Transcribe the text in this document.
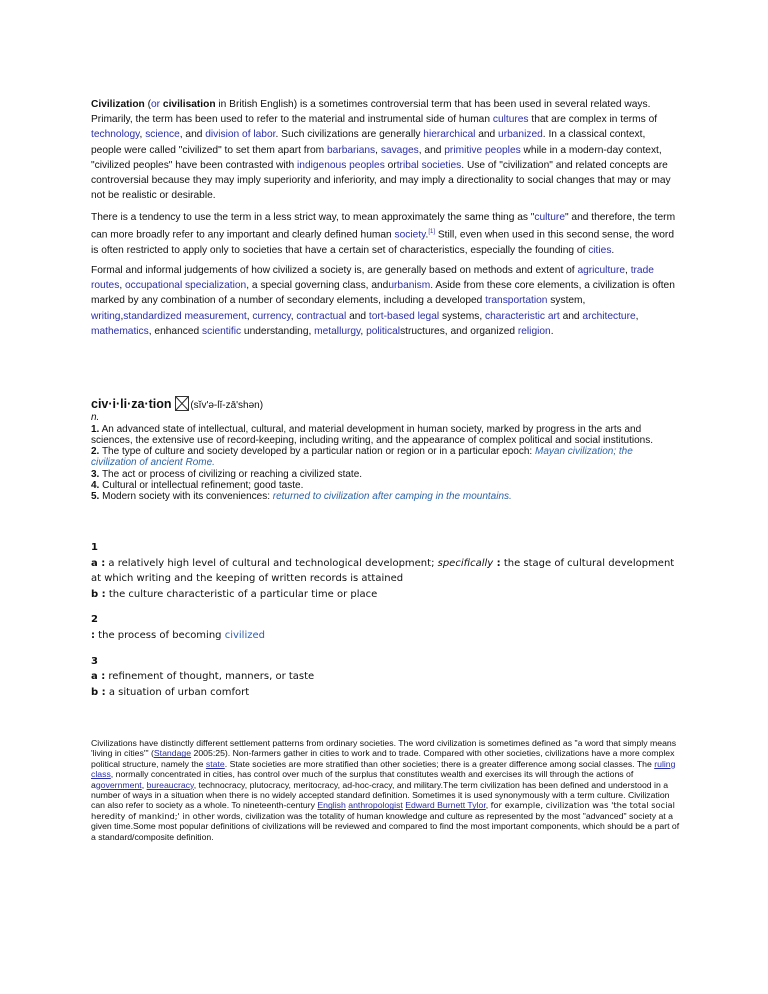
Civilization (or civilisation in British English) is a sometimes controversial term that has been used in several related ways. Primarily, the term has been used to refer to the material and instrumental side of human cultures that are complex in terms of technology, science, and division of labor. Such civilizations are generally hierarchical and urbanized. In a classical context, people were called "civilized" to set them apart from barbarians, savages, and primitive peoples while in a modern-day context, "civilized peoples" have been contrasted with indigenous peoples ortribal societies. Use of "civilization" and related concepts are controversial because they may imply superiority and inferiority, and may imply a directionality to social changes that may or may not be realistic or desirable.
There is a tendency to use the term in a less strict way, to mean approximately the same thing as "culture" and therefore, the term can more broadly refer to any important and clearly defined human society.[1] Still, even when used in this second sense, the word is often restricted to apply only to societies that have a certain set of characteristics, especially the founding of cities.
Formal and informal judgements of how civilized a society is, are generally based on methods and extent of agriculture, trade routes, occupational specialization, a special governing class, andurbanism. Aside from these core elements, a civilization is often marked by any combination of a number of secondary elements, including a developed transportation system, writing,standardized measurement, currency, contractual and tort-based legal systems, characteristic art and architecture, mathematics, enhanced scientific understanding, metallurgy, politicalstructures, and organized religion.
civ·i·li·za·tion (sĭv'ə-lĭ-zā'shən)
n.
1. An advanced state of intellectual, cultural, and material development in human society, marked by progress in the arts and sciences, the extensive use of record-keeping, including writing, and the appearance of complex political and social institutions.
2. The type of culture and society developed by a particular nation or region or in a particular epoch: Mayan civilization; the civilization of ancient Rome.
3. The act or process of civilizing or reaching a civilized state.
4. Cultural or intellectual refinement; good taste.
5. Modern society with its conveniences: returned to civilization after camping in the mountains.
1
a : a relatively high level of cultural and technological development; specifically : the stage of cultural development at which writing and the keeping of written records is attained
b : the culture characteristic of a particular time or place
2
: the process of becoming civilized
3
a : refinement of thought, manners, or taste
b : a situation of urban comfort
Civilizations have distinctly different settlement patterns from ordinary societies. The word civilization is sometimes defined as "a word that simply means 'living in cities'" (Standage 2005:25). Non-farmers gather in cities to work and to trade. Compared with other societies, civilizations have a more complex political structure, namely the state. State societies are more stratified than other societies; there is a greater difference among social classes. The ruling class, normally concentrated in cities, has control over much of the surplus that constitutes wealth and exercises its will through the actions of agovernment, bureaucracy, technocracy, plutocracy, meritocracy, ad-hoc-cracy, and military.The term civilization has been defined and understood in a number of ways in a situation when there is no widely accepted standard definition. Sometimes it is used synonymously with a term culture. Civilization can also refer to society as a whole. To nineteenth-century English anthropologist Edward Burnett Tylor, for example, civilization was 'the total social heredity of mankind;' in other words, civilization was the totality of human knowledge and culture as represented by the most "advanced" society at a given time.Some most popular definitions of civilizations will be reviewed and compared to find the most important components, which should be a part of a standard/composite definition.
